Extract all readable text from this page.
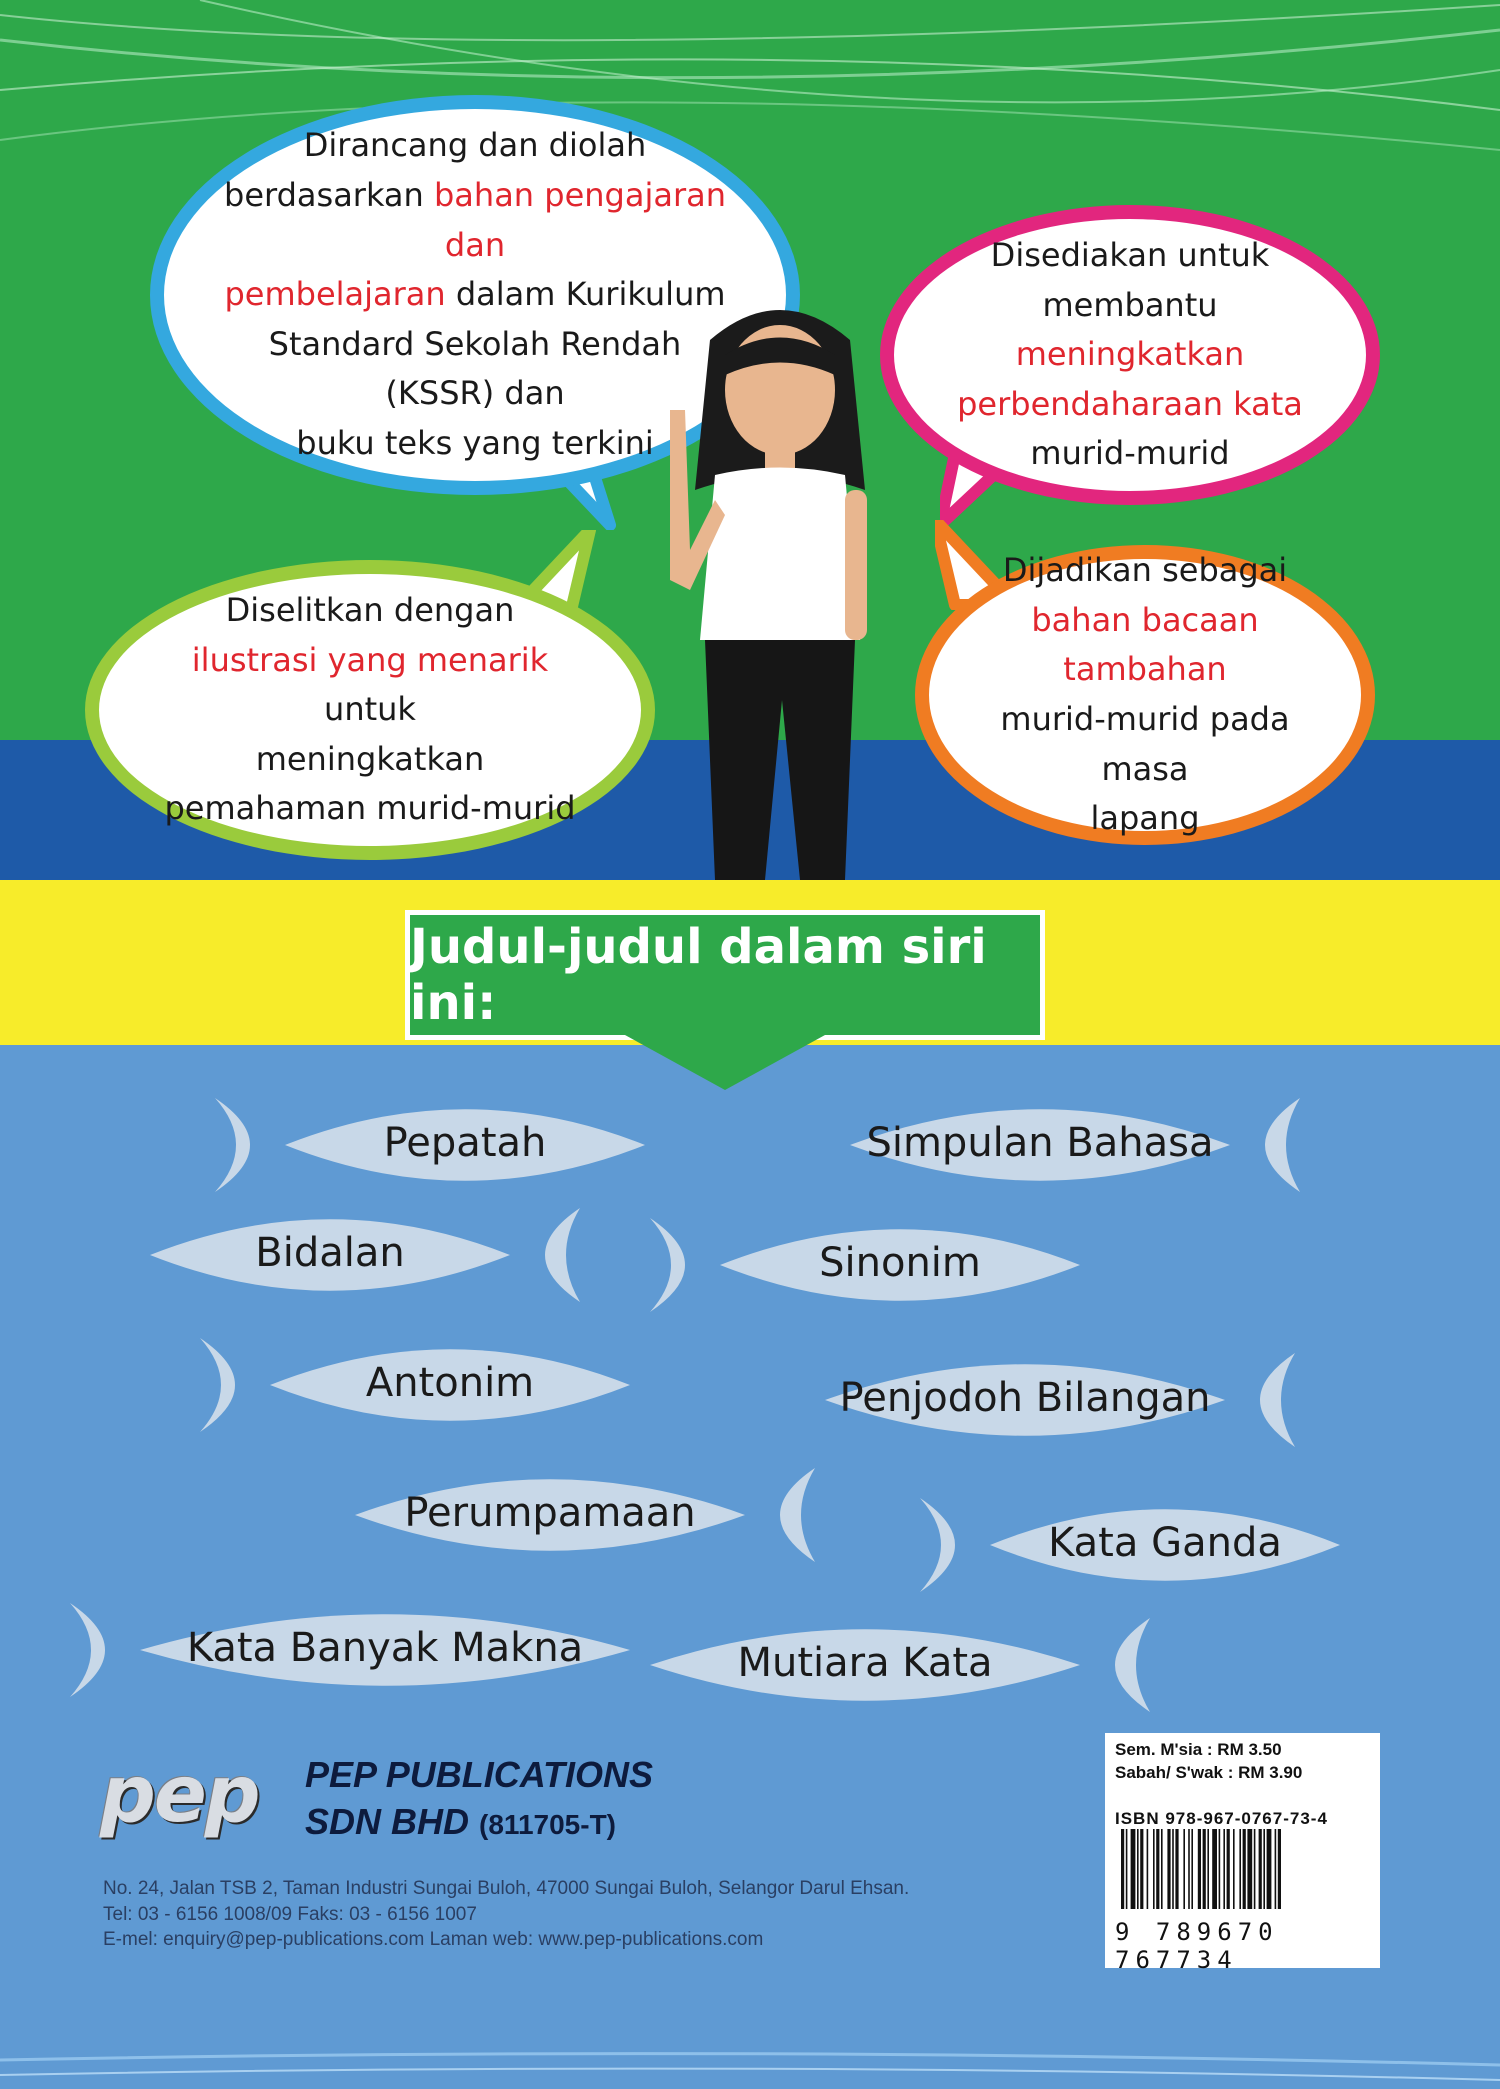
Dirancang dan diolah
berdasarkan bahan pengajaran dan
pembelajaran dalam Kurikulum
Standard Sekolah Rendah (KSSR) dan
buku teks yang terkini
Disediakan untuk
membantu meningkatkan
perbendaharaan kata
murid-murid
Diselitkan dengan
ilustrasi yang menarik untuk
meningkatkan
pemahaman murid-murid
Dijadikan sebagai
bahan bacaan tambahan
murid-murid pada masa
lapang
Judul-judul dalam siri ini:
Pepatah	Simpulan Bahasa
Bidalan	Sinonim
Antonim	Penjodoh Bilangan
Perumpamaan
Kata Ganda
Kata Banyak Makna	Mutiara Kata
pep PEP PUBLICATIONS
SDN BHD (811705-T)
No. 24, Jalan TSB 2, Taman Industri Sungai Buloh, 47000 Sungai Buloh, Selangor Darul Ehsan.
Tel: 03 - 6156 1008/09 Faks: 03 - 6156 1007
E-mel: enquiry@pep-publications.com Laman web: www.pep-publications.com
Sem. M'sia : RM 3.50
Sabah/ S'wak : RM 3.90
ISBN 978-967-0767-73-4
9 789670 767734
